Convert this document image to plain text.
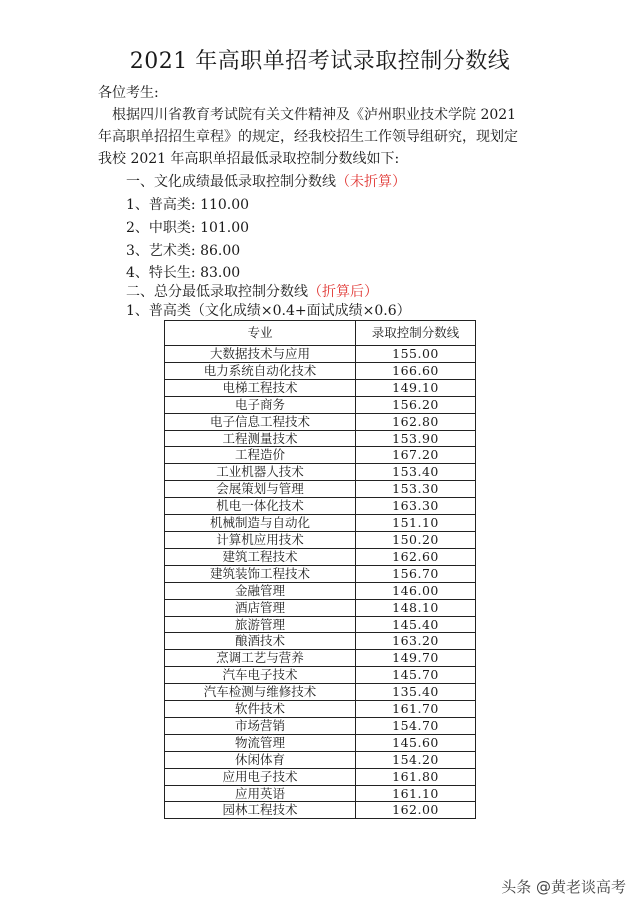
2021 年高职单招考试录取控制分数线
各位考生:
根据四川省教育考试院有关文件精神及《泸州职业技术学院 2021
年高职单招招生章程》的规定，经我校招生工作领导组研究，现划定
我校 2021 年高职单招最低录取控制分数线如下:
一、文化成绩最低录取控制分数线（未折算）
1、普高类: 110.00
2、中职类: 101.00
3、艺术类: 86.00
4、特长生: 83.00
二、总分最低录取控制分数线（折算后）
1、普高类（文化成绩×0.4+面试成绩×0.6）
专业	录取控制分数线
大数据技术与应用	155.00
电力系统自动化技术	166.60
电梯工程技术	149.10
电子商务	156.20
电子信息工程技术	162.80
工程测量技术	153.90
工程造价	167.20
工业机器人技术	153.40
会展策划与管理	153.30
机电一体化技术	163.30
机械制造与自动化	151.10
计算机应用技术	150.20
建筑工程技术	162.60
建筑装饰工程技术	156.70
金融管理	146.00
酒店管理	148.10
旅游管理	145.40
酿酒技术	163.20
烹调工艺与营养	149.70
汽车电子技术	145.70
汽车检测与维修技术	135.40
软件技术	161.70
市场营销	154.70
物流管理	145.60
休闲体育	154.20
应用电子技术	161.80
应用英语	161.10
园林工程技术	162.00
头条 @黄老谈高考
